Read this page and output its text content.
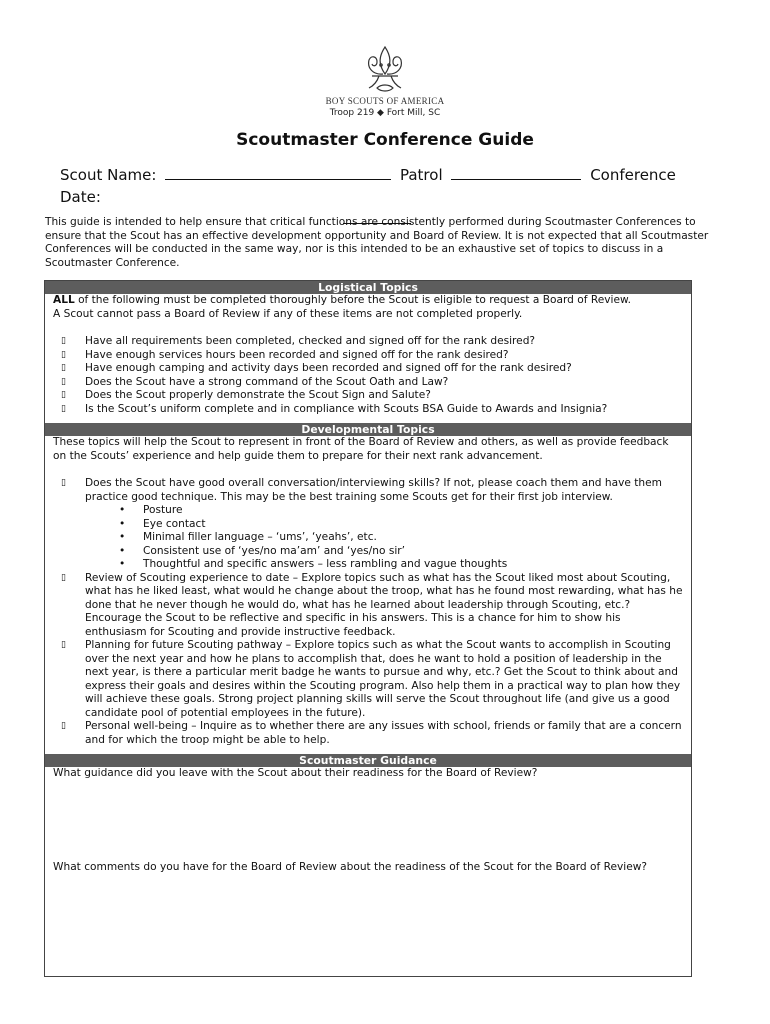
BOY SCOUTS OF AMERICA
Troop 219 ◆ Fort Mill, SC
Scoutmaster Conference Guide
Scout Name:	Patrol	Conference Date:

This guide is intended to help ensure that critical functions are consistently performed during Scoutmaster Conferences to ensure that the Scout has an effective development opportunity and Board of Review. It is not expected that all Scoutmaster Conferences will be conducted in the same way, nor is this intended to be an exhaustive set of topics to discuss in a Scoutmaster Conference.
Logistical Topics

ALL of the following must be completed thoroughly before the Scout is eligible to request a Board of Review.

A Scout cannot pass a Board of Review if any of these items are not completed properly.

▯ Have all requirements been completed, checked and signed off for the rank desired?
▯ Have enough services hours been recorded and signed off for the rank desired?
▯ Have enough camping and activity days been recorded and signed off for the rank desired?
▯ Does the Scout have a strong command of the Scout Oath and Law?
▯ Does the Scout properly demonstrate the Scout Sign and Salute?
▯ Is the Scout’s uniform complete and in compliance with Scouts BSA Guide to Awards and Insignia?
Developmental Topics

These topics will help the Scout to represent in front of the Board of Review and others, as well as provide feedback on the Scouts’ experience and help guide them to prepare for their next rank advancement.

▯ Does the Scout have good overall conversation/interviewing skills? If not, please coach them and have them practice good technique. This may be the best training some Scouts get for their first job interview.
• Posture
• Eye contact
• Minimal filler language – ‘ums’, ‘yeahs’, etc.
• Consistent use of ‘yes/no ma’am’ and ‘yes/no sir’
• Thoughtful and specific answers – less rambling and vague thoughts
▯ Review of Scouting experience to date – Explore topics such as what has the Scout liked most about Scouting, what has he liked least, what would he change about the troop, what has he found most rewarding, what has he done that he never though he would do, what has he learned about leadership through Scouting, etc.? Encourage the Scout to be reflective and specific in his answers. This is a chance for him to show his enthusiasm for Scouting and provide instructive feedback.
▯ Planning for future Scouting pathway – Explore topics such as what the Scout wants to accomplish in Scouting over the next year and how he plans to accomplish that, does he want to hold a position of leadership in the next year, is there a particular merit badge he wants to pursue and why, etc.? Get the Scout to think about and express their goals and desires within the Scouting program. Also help them in a practical way to plan how they will achieve these goals. Strong project planning skills will serve the Scout throughout life (and give us a good candidate pool of potential employees in the future).
▯ Personal well-being – Inquire as to whether there are any issues with school, friends or family that are a concern and for which the troop might be able to help.
Scoutmaster Guidance

What guidance did you leave with the Scout about their readiness for the Board of Review?

What comments do you have for the Board of Review about the readiness of the Scout for the Board of Review?
